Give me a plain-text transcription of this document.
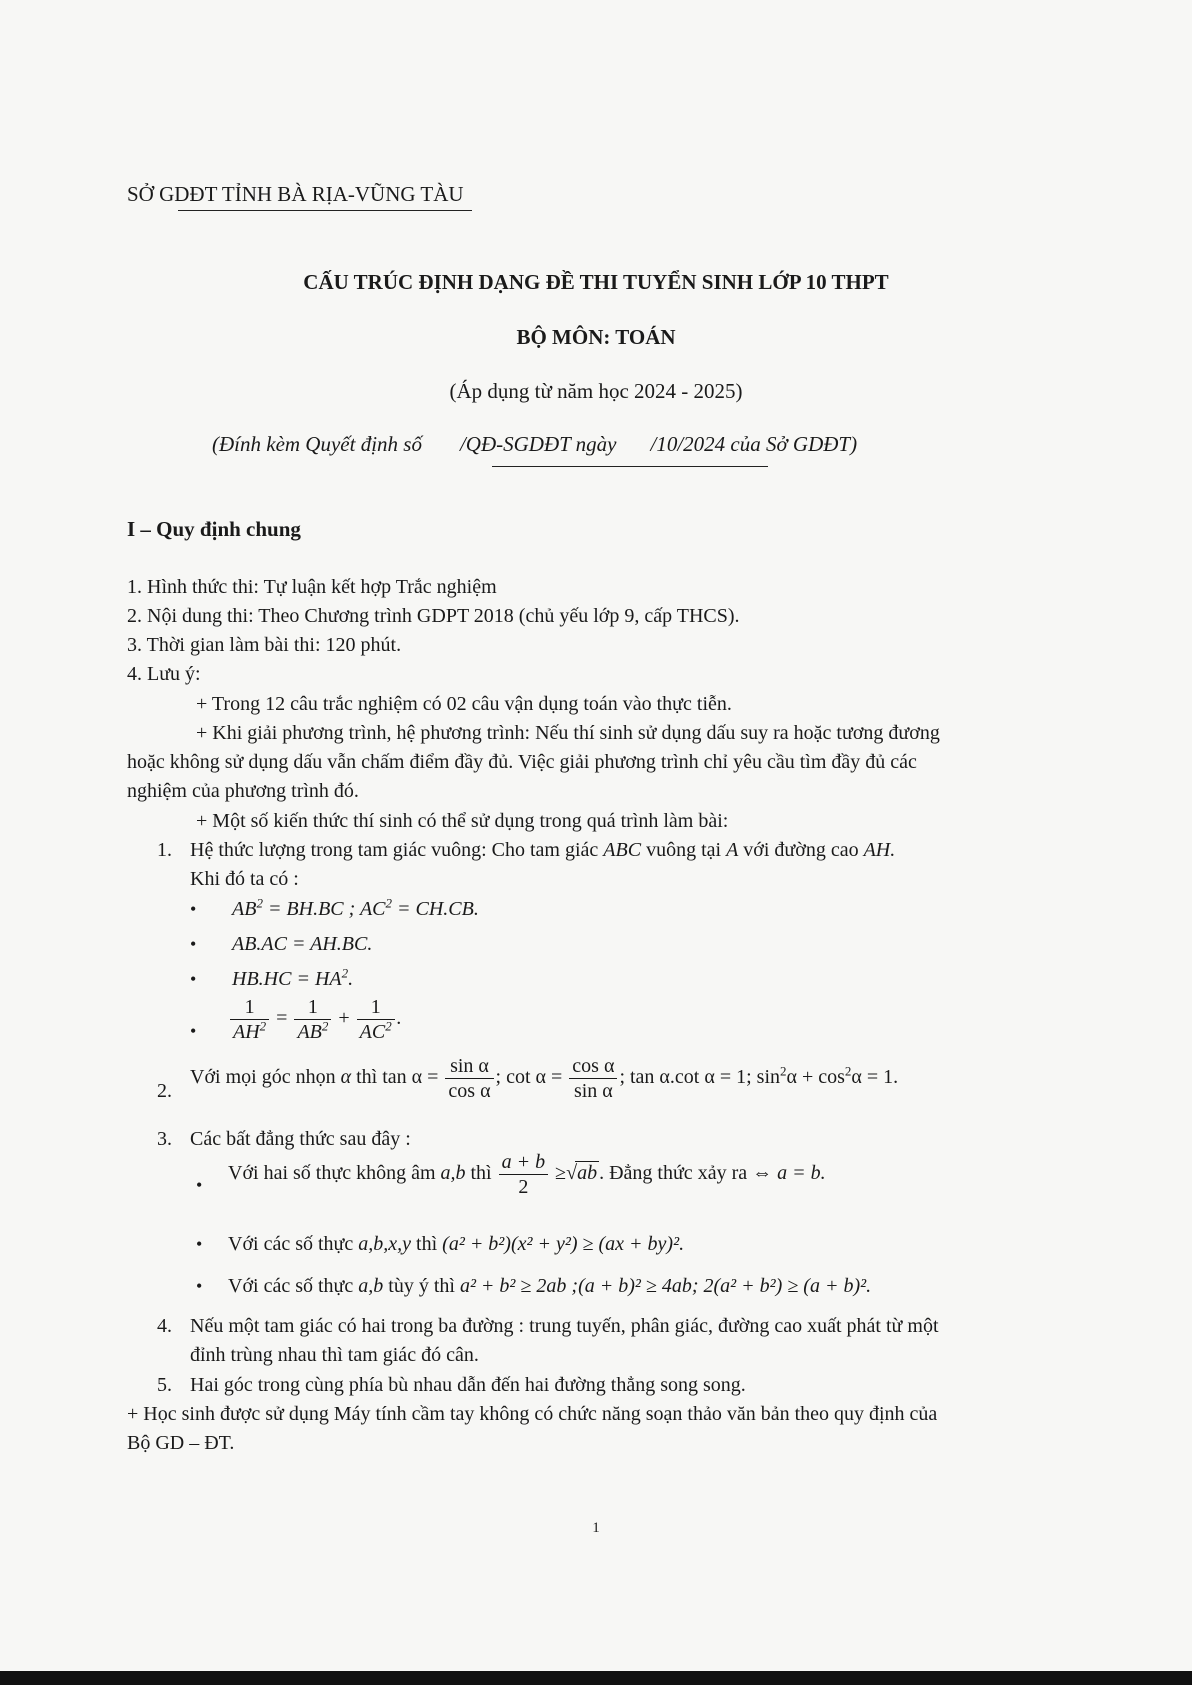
SỞ GDĐT TỈNH BÀ RỊA-VŨNG TÀU
CẤU TRÚC ĐỊNH DẠNG ĐỀ THI TUYỂN SINH LỚP 10 THPT
BỘ MÔN: TOÁN
(Áp dụng từ năm học 2024 - 2025)
(Đính kèm Quyết định số /QĐ-SGDĐT ngày /10/2024 của Sở GDĐT)
I – Quy định chung
1. Hình thức thi: Tự luận kết hợp Trắc nghiệm
2. Nội dung thi: Theo Chương trình GDPT 2018 (chủ yếu lớp 9, cấp THCS).
3. Thời gian làm bài thi: 120 phút.
4. Lưu ý:
+ Trong 12 câu trắc nghiệm có 02 câu vận dụng toán vào thực tiễn.
+ Khi giải phương trình, hệ phương trình: Nếu thí sinh sử dụng dấu suy ra hoặc tương đương
hoặc không sử dụng dấu vẫn chấm điểm đầy đủ. Việc giải phương trình chỉ yêu cầu tìm đầy đủ các
nghiệm của phương trình đó.
+ Một số kiến thức thí sinh có thể sử dụng trong quá trình làm bài:
1. Hệ thức lượng trong tam giác vuông: Cho tam giác ABC vuông tại A với đường cao AH.
Khi đó ta có :
• $AB^2 = BH.BC$ ; $AC^2 = CH.CB$.
• AB.AC = AH.BC.
• $HB.HC = HA^2$.
• $\frac{1}{AH^2} = \frac{1}{AB^2} + \frac{1}{AC^2}$ .
2.
Với mọi góc nhọn α thì $\tan \alpha = \frac{\text{sin α}}{\text{cos α}}$ ; $\cot \alpha = \frac{\text{cos α}}{\text{sin α}}$ ; tan α.cot α = 1; $\sin^2\alpha + \cos^2\alpha = 1$.
3. Các bất đẳng thức sau đây :
•
Với hai số thực không âm a,b thì $\frac{a + b}{2} \ge√ab$ . Đẳng thức xảy ra ⇔ a = b.
• Với các số thực a,b,x,y thì (a² + b²)(x² + y²) ≥ (ax + by)².
• Với các số thực a,b tùy ý thì a² + b² ≥ 2ab ;(a + b)² ≥ 4ab; 2(a² + b²) ≥ (a + b)².
4. Nếu một tam giác có hai trong ba đường : trung tuyến, phân giác, đường cao xuất phát từ một
đỉnh trùng nhau thì tam giác đó cân.
5. Hai góc trong cùng phía bù nhau dẫn đến hai đường thẳng song song.
+ Học sinh được sử dụng Máy tính cầm tay không có chức năng soạn thảo văn bản theo quy định của
Bộ GD – ĐT.
1
